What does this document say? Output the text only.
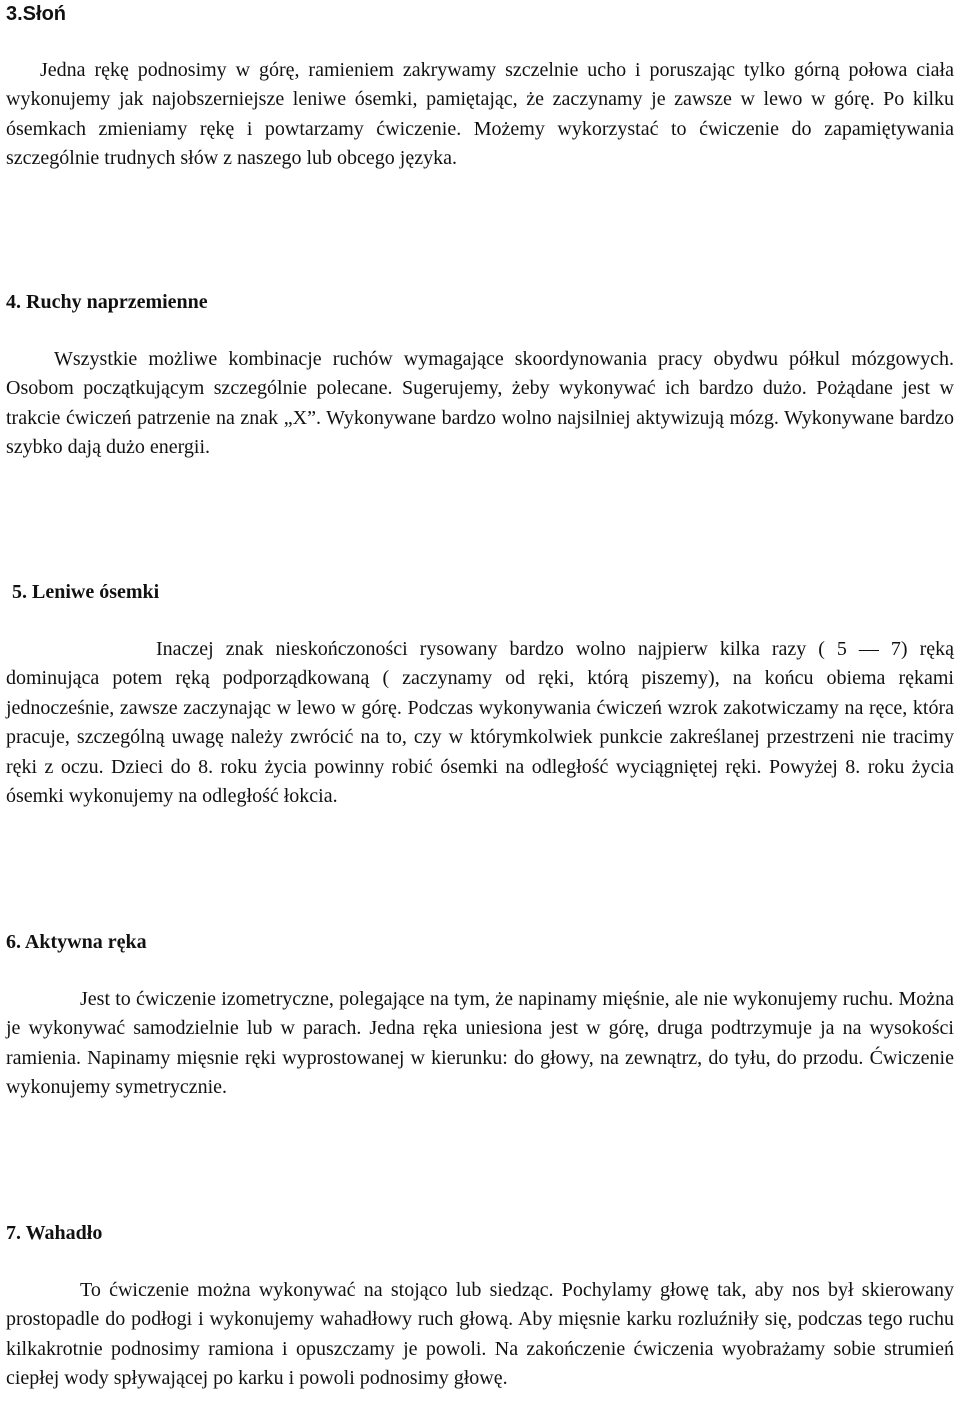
3.Słoń

Jedna rękę podnosimy w górę, ramieniem zakrywamy szczelnie ucho i poruszając tylko górną połowa ciała wykonujemy jak najobszerniejsze leniwe ósemki, pamiętając, że zaczynamy je zawsze w lewo w górę. Po kilku ósemkach zmieniamy rękę i powtarzamy ćwiczenie. Możemy wykorzystać to ćwiczenie do zapamiętywania szczególnie trudnych słów z naszego lub obcego języka.

4. Ruchy naprzemienne

Wszystkie możliwe kombinacje ruchów wymagające skoordynowania pracy obydwu półkul mózgowych. Osobom początkującym szczególnie polecane. Sugerujemy, żeby wykonywać ich bardzo dużo. Pożądane jest w trakcie ćwiczeń patrzenie na znak „X”. Wykonywane bardzo wolno najsilniej aktywizują mózg. Wykonywane bardzo szybko dają dużo energii.

5. Leniwe ósemki

Inaczej znak nieskończoności rysowany bardzo wolno najpierw kilka razy ( 5 — 7) ręką dominująca potem ręką podporządkowaną ( zaczynamy od ręki, którą piszemy), na końcu obiema rękami jednocześnie, zawsze zaczynając w lewo w górę. Podczas wykonywania ćwiczeń wzrok zakotwiczamy na ręce, która pracuje, szczególną uwagę należy zwrócić na to, czy w którymkolwiek punkcie zakreślanej przestrzeni nie tracimy ręki z oczu. Dzieci do 8. roku życia powinny robić ósemki na odległość wyciągniętej ręki. Powyżej 8. roku życia ósemki wykonujemy na odległość łokcia.

6. Aktywna ręka

Jest to ćwiczenie izometryczne, polegające na tym, że napinamy mięśnie, ale nie wykonujemy ruchu. Można je wykonywać samodzielnie lub w parach. Jedna ręka uniesiona jest w górę, druga podtrzymuje ja na wysokości ramienia. Napinamy mięsnie ręki wyprostowanej w kierunku: do głowy, na zewnątrz, do tyłu, do przodu. Ćwiczenie wykonujemy symetrycznie.

7. Wahadło

To ćwiczenie można wykonywać na stojąco lub siedząc. Pochylamy głowę tak, aby nos był skierowany prostopadle do podłogi i wykonujemy wahadłowy ruch głową. Aby mięsnie karku rozluźniły się, podczas tego ruchu kilkakrotnie podnosimy ramiona i opuszczamy je powoli. Na zakończenie ćwiczenia wyobrażamy sobie strumień ciepłej wody spływającej po karku i powoli podnosimy głowę.
